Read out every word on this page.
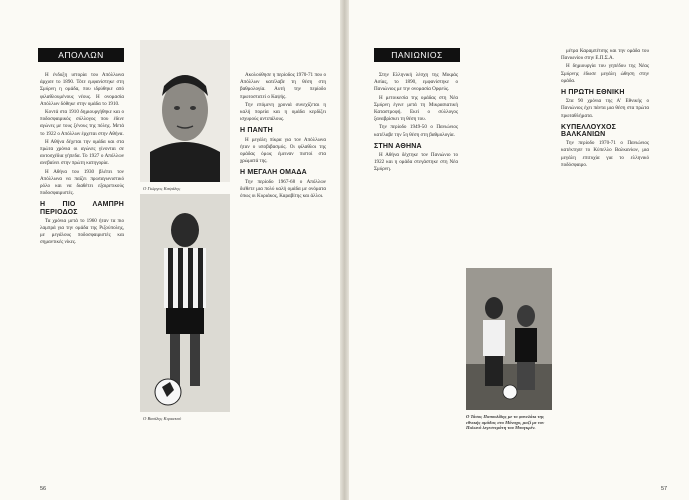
ΑΠΟΛΛΩΝ

Η ένδοξη ιστορία του Απόλλωνα άρχισε το 1890. Τότε εμφανίστηκε στη Σμύρνη η ομάδα, που ιδρύθηκε από φιλαθλουμένους νέους. Η ονομασία Απόλλων δόθηκε στην ομάδα το 1910.

Κοντά στα 1910 δημιουργήθηκε και ο ποδοσφαιρικός σύλλογος που έδινε αγώνες με τους ξένους της πόλης. Μετά το 1922 ο Απόλλων έρχεται στην Αθήνα.

Η Αθήνα δέχεται την ομάδα και στα πρώτα χρόνια οι αγώνες γίνονται σε αυτοσχέδια γήπεδα. Το 1927 ο Απόλλων ανεβαίνει στην πρώτη κατηγορία.

Η Αθήνα του 1930 βλέπει τον Απόλλωνα να παίζει πρωταγωνιστικό ρόλο και να διαθέτει εξαιρετικούς ποδοσφαιριστές.

Η ΠΙΟ ΛΑΜΠΡΗ ΠΕΡΙΟΔΟΣ

Τα χρόνια μετά το 1960 ήταν τα πιο λαμπρά για την ομάδα της Ριζούπολης, με μεγάλους ποδοσφαιριστές και σημαντικές νίκες.

Ο Γιώργος Καψάλης
Ο Βασίλης Κυριακού

Ακολούθησε η περίοδος 1970-71 που ο Απόλλων κατέλαβε τη θέση στη βαθμολογία. Αυτή την περίοδο πρωτοστατεί ο Καψής.

Την επόμενη χρονιά συνεχίζεται η καλή πορεία και η ομάδα κερδίζει ισχυρούς αντιπάλους.

Η ΠΑΝΤΗ

Η μεγάλη πίκρα για τον Απόλλωνα ήταν ο υποβιβασμός. Οι φίλαθλοι της ομάδας όμως έμειναν πιστοί στα χρώματά της.

Η ΜΕΓΑΛΗ ΟΜΑΔΑ

Την περίοδο 1967-68 ο Απόλλων διέθετε μια πολύ καλή ομάδα με ονόματα όπως οι Κυριάκος, Καραβίτης και άλλοι.

56
ΠΑΝΙΩΝΙΟΣ

Στην Ελληνική λέσχη της Μικράς Ασίας, το 1890, εμφανίστηκε ο Πανιώνιος με την ονομασία Ορφεύς.

Η μετοικεσία της ομάδας στη Νέα Σμύρνη έγινε μετά τη Μικρασιατική Καταστροφή. Εκεί ο σύλλογος ξαναβρίσκει τη θέση του.

Την περίοδο 1949-50 ο Πανιώνιος κατέλαβε την 5η θέση στη βαθμολογία.

ΣΤΗΝ ΑΘΗΝΑ

Η Αθήνα δέχτηκε τον Πανιώνιο το 1922 και η ομάδα στεγάστηκε στη Νέα Σμύρνη.

Ο Τάσος Παπουλίδης με το φανελάκι της εθνικής ομάδας στο Μόναχο, μαζί με τον Πολωνό λεγεστεράτη του Μπογκρέν.

μέτρα Καραμπέτσης και την ομάδα του Πανιωνίου στην Ε.Π.Σ.Α.

Η δημιουργία του γηπέδου της Νέας Σμύρνης έδωσε μεγάλη ώθηση στην ομάδα.

Η ΠΡΩΤΗ ΕΘΝΙΚΗ

Στα 90 χρόνια της Α' Εθνικής ο Πανιώνιος έχει πάντα μια θέση στα πρώτα πρωταθλήματα.

ΚΥΠΕΛΛΟΥΧΟΣ ΒΑΛΚΑΝΙΩΝ

Την περίοδο 1970-71 ο Πανιώνιος κατέκτησε το Κύπελλο Βαλκανίων, μια μεγάλη επιτυχία για το ελληνικό ποδόσφαιρο.

57
